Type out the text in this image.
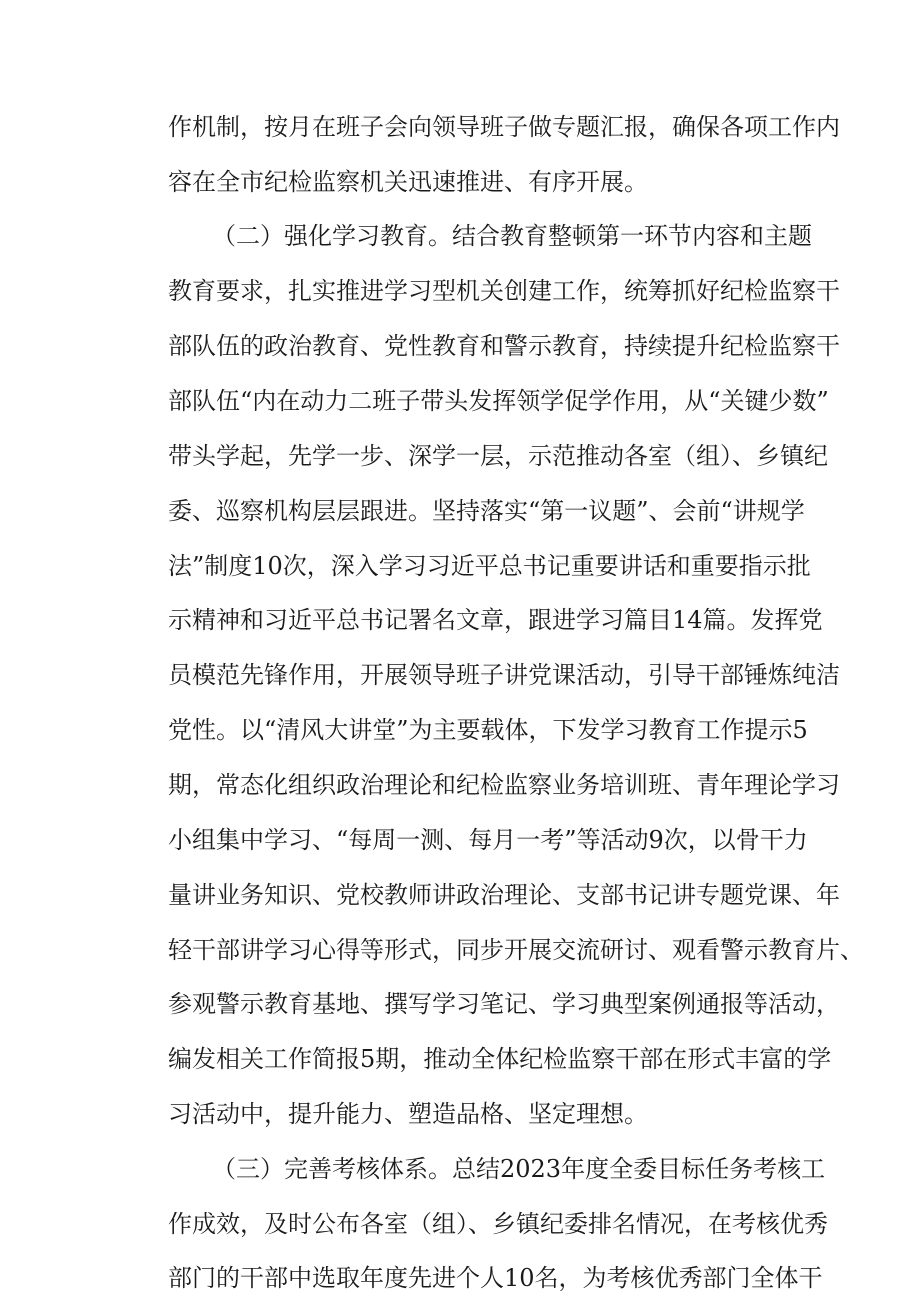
作机制，按月在班子会向领导班子做专题汇报，确保各项工作内
容在全市纪检监察机关迅速推进、有序开展。
（二）强化学习教育。结合教育整顿第一环节内容和主题
教育要求，扎实推进学习型机关创建工作，统筹抓好纪检监察干
部队伍的政治教育、党性教育和警示教育，持续提升纪检监察干
部队伍“内在动力二班子带头发挥领学促学作用，从“关键少数”
带头学起，先学一步、深学一层，示范推动各室（组）、乡镇纪
委、巡察机构层层跟进。坚持落实“第一议题”、会前“讲规学
法”制度10次，深入学习习近平总书记重要讲话和重要指示批
示精神和习近平总书记署名文章，跟进学习篇目14篇。发挥党
员模范先锋作用，开展领导班子讲党课活动，引导干部锤炼纯洁
党性。以“清风大讲堂”为主要载体，下发学习教育工作提示5
期，常态化组织政治理论和纪检监察业务培训班、青年理论学习
小组集中学习、“每周一测、每月一考”等活动9次，以骨干力
量讲业务知识、党校教师讲政治理论、支部书记讲专题党课、年
轻干部讲学习心得等形式，同步开展交流研讨、观看警示教育片、
参观警示教育基地、撰写学习笔记、学习典型案例通报等活动，
编发相关工作简报5期，推动全体纪检监察干部在形式丰富的学
习活动中，提升能力、塑造品格、坚定理想。
（三）完善考核体系。总结2023年度全委目标任务考核工
作成效，及时公布各室（组）、乡镇纪委排名情况，在考核优秀
部门的干部中选取年度先进个人10名，为考核优秀部门全体干
